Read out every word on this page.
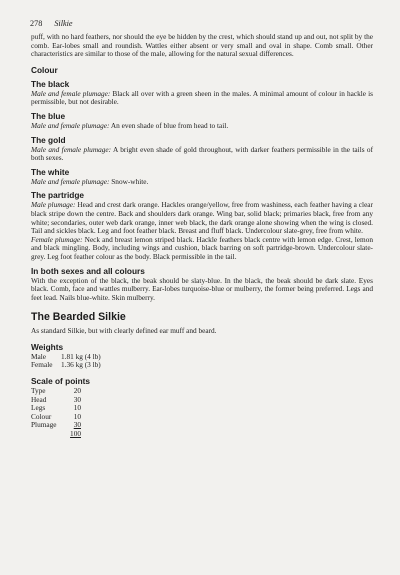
278 Silkie

puff, with no hard feathers, nor should the eye be hidden by the crest, which should stand up and out, not split by the comb. Ear-lobes small and roundish. Wattles either absent or very small and oval in shape. Comb small. Other characteristics are similar to those of the male, allowing for the natural sexual differences.

Colour
The black

Male and female plumage: Black all over with a green sheen in the males. A minimal amount of colour in hackle is permissible, but not desirable.

The blue

Male and female plumage: An even shade of blue from head to tail.

The gold

Male and female plumage: A bright even shade of gold throughout, with darker feathers permissible in the tails of both sexes.

The white

Male and female plumage: Snow-white.

The partridge

Male plumage: Head and crest dark orange. Hackles orange/yellow, free from washiness, each feather having a clear black stripe down the centre. Back and shoulders dark orange. Wing bar, solid black; primaries black, free from any white; secondaries, outer web dark orange, inner web black, the dark orange alone showing when the wing is closed. Tail and sickles black. Leg and foot feather black. Breast and fluff black. Undercolour slate-grey, free from white.

Female plumage: Neck and breast lemon striped black. Hackle feathers black centre with lemon edge. Crest, lemon and black mingling. Body, including wings and cushion, black barring on soft partridge-brown. Undercolour slate-grey. Leg foot feather colour as the body. Black permissible in the tail.

In both sexes and all colours

With the exception of the black, the beak should be slaty-blue. In the black, the beak should be dark slate. Eyes black. Comb, face and wattles mulberry. Ear-lobes turquoise-blue or mulberry, the former being preferred. Legs and feet lead. Nails blue-white. Skin mulberry.

The Bearded Silkie

As standard Silkie, but with clearly defined ear muff and beard.

Weights
Male	1.81 kg (4 lb)
Female	1.36 kg (3 lb)
Scale of points
Type	20
Head	30
Legs	10
Colour	10
Plumage	30
	100
